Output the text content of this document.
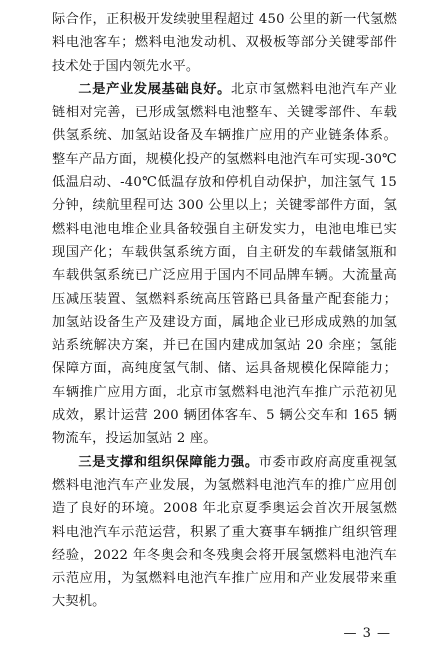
际合作，正积极开发续驶里程超过 450 公里的新一代氢燃料电池客车；燃料电池发动机、双极板等部分关键零部件技术处于国内领先水平。

二是产业发展基础良好。北京市氢燃料电池汽车产业链相对完善，已形成氢燃料电池整车、关键零部件、车载供氢系统、加氢站设备及车辆推广应用的产业链条体系。整车产品方面，规模化投产的氢燃料电池汽车可实现-30℃低温启动、-40℃低温存放和停机自动保护，加注氢气 15 分钟，续航里程可达 300 公里以上；关键零部件方面，氢燃料电池电堆企业具备较强自主研发实力，电池电堆已实现国产化；车载供氢系统方面，自主研发的车载储氢瓶和车载供氢系统已广泛应用于国内不同品牌车辆。大流量高压减压装置、氢燃料系统高压管路已具备量产配套能力；加氢站设备生产及建设方面，属地企业已形成成熟的加氢站系统解决方案，并已在国内建成加氢站 20 余座；氢能保障方面，高纯度氢气制、储、运具备规模化保障能力；车辆推广应用方面，北京市氢燃料电池汽车推广示范初见成效，累计运营 200 辆团体客车、5 辆公交车和 165 辆物流车，投运加氢站 2 座。

三是支撑和组织保障能力强。市委市政府高度重视氢燃料电池汽车产业发展，为氢燃料电池汽车的推广应用创造了良好的环境。2008 年北京夏季奥运会首次开展氢燃料电池汽车示范运营，积累了重大赛事车辆推广组织管理经验，2022 年冬奥会和冬残奥会将开展氢燃料电池汽车示范应用，为氢燃料电池汽车推广应用和产业发展带来重大契机。

— 3 —
